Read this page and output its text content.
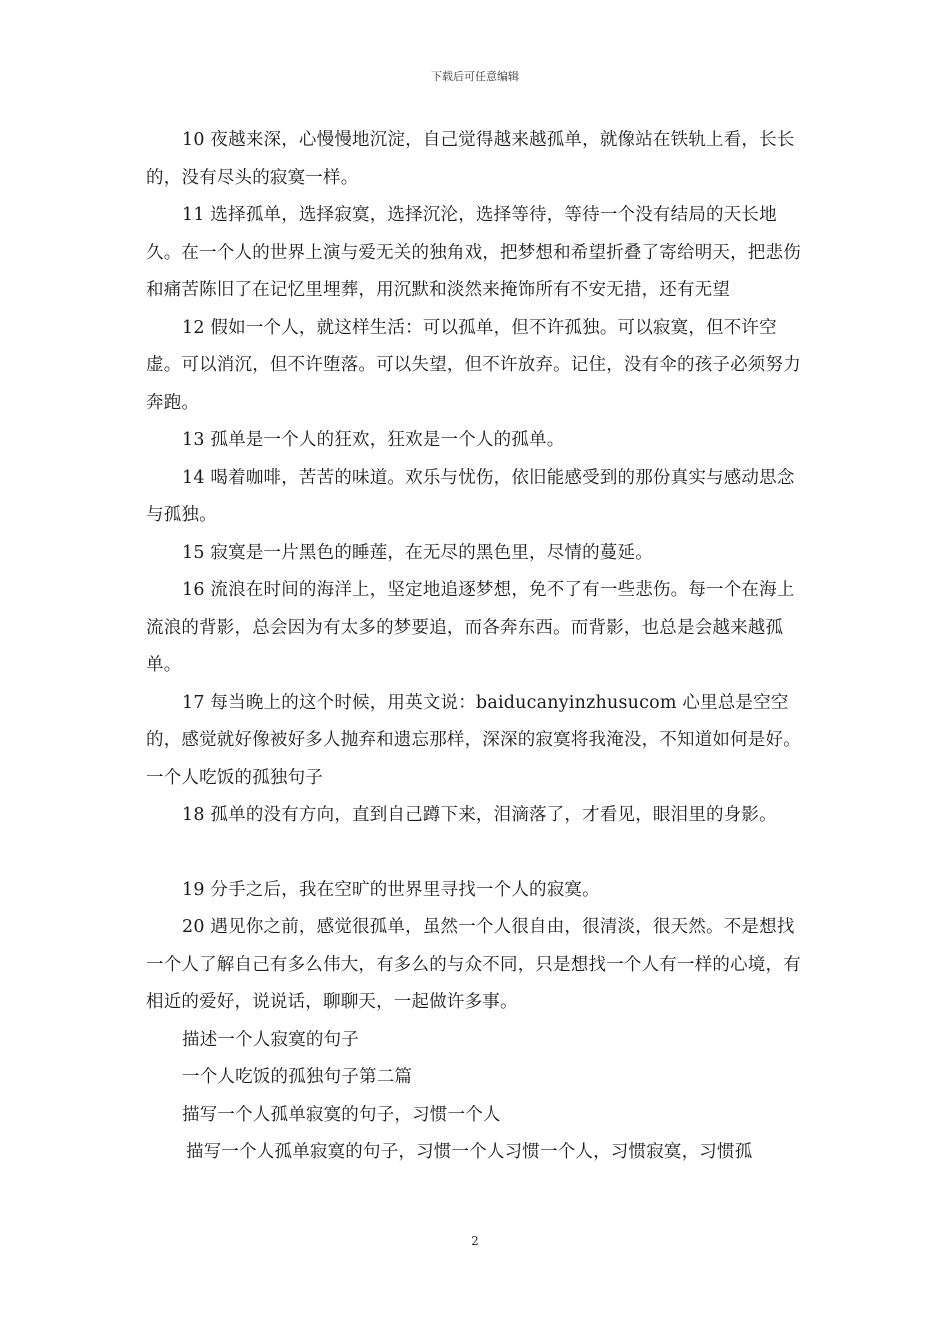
下载后可任意编辑

10 夜越来深，心慢慢地沉淀，自己觉得越来越孤单，就像站在铁轨上看，长长的，没有尽头的寂寞一样。

11 选择孤单，选择寂寞，选择沉沦，选择等待，等待一个没有结局的天长地久。在一个人的世界上演与爱无关的独角戏，把梦想和希望折叠了寄给明天，把悲伤和痛苦陈旧了在记忆里埋葬，用沉默和淡然来掩饰所有不安无措，还有无望

12 假如一个人，就这样生活：可以孤单，但不许孤独。可以寂寞，但不许空虚。可以消沉，但不许堕落。可以失望，但不许放弃。记住，没有伞的孩子必须努力奔跑。

13 孤单是一个人的狂欢，狂欢是一个人的孤单。

14 喝着咖啡，苦苦的味道。欢乐与忧伤，依旧能感受到的那份真实与感动思念与孤独。

15 寂寞是一片黑色的睡莲，在无尽的黑色里，尽情的蔓延。

16 流浪在时间的海洋上，坚定地追逐梦想，免不了有一些悲伤。每一个在海上流浪的背影，总会因为有太多的梦要追，而各奔东西。而背影，也总是会越来越孤单。

17 每当晚上的这个时候，用英文说：baiducanyinzhusucom 心里总是空空的，感觉就好像被好多人抛弃和遗忘那样，深深的寂寞将我淹没，不知道如何是好。一个人吃饭的孤独句子

18 孤单的没有方向，直到自己蹲下来，泪滴落了，才看见，眼泪里的身影。

19 分手之后，我在空旷的世界里寻找一个人的寂寞。

20 遇见你之前，感觉很孤单，虽然一个人很自由，很清淡，很天然。不是想找一个人了解自己有多么伟大，有多么的与众不同，只是想找一个人有一样的心境，有相近的爱好，说说话，聊聊天，一起做许多事。

描述一个人寂寞的句子

一个人吃饭的孤独句子第二篇

描写一个人孤单寂寞的句子，习惯一个人

描写一个人孤单寂寞的句子，习惯一个人习惯一个人，习惯寂寞，习惯孤

2
